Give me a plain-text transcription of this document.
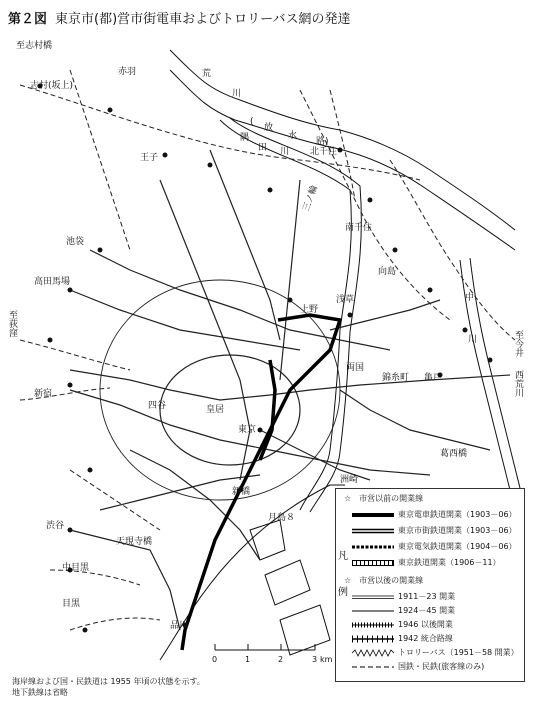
第２図 東京市(都)営市街電車およびトロリーバス網の発達
至志村橋
赤羽
志村(坂上)
荒
川
(
放
水
路)
隅
田 川 北千住
王子
三ノ輪
南千住
池袋
向島
高田馬場
上野
浅草	中
川
至荻窪
至今井
西荒川
両国
錦糸町 亀戸
新宿
四谷	皇居
東京
葛西橋
洲崎
新橋
月島８
渋谷
天現寺橋
中目黒
目黒
品川
0	1	2	3 km
凡例
☆　市営以前の開業線
東京電車鉄道開業（1903－06）
東京市街鉄道開業（1903－06）
東京電気鉄道開業（1904－06）
東京鉄道開業（1906－11）
☆　市営以後の開業線
1911－23 開業
1924－45 開業
1946 以後開業
1942 統合路線
トロリーバス（1951－58 開業）
国鉄・民鉄(旅客線のみ)
海岸線および国・民鉄道は 1955 年頃の状態を示す。
地下鉄線は省略
